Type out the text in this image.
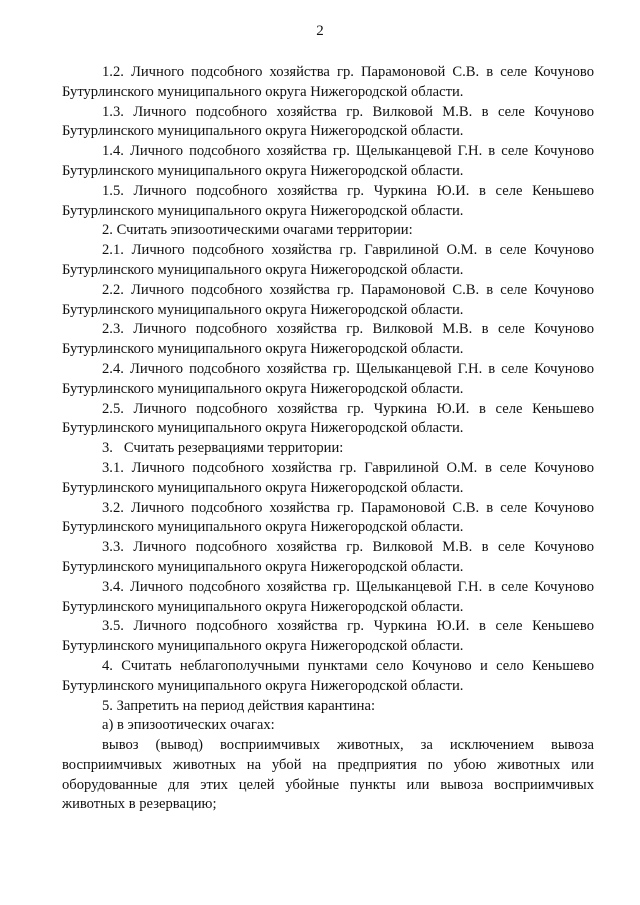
2

1.2. Личного подсобного хозяйства гр. Парамоновой С.В. в селе Кочуново Бутурлинского муниципального округа Нижегородской области.

1.3. Личного подсобного хозяйства гр. Вилковой М.В. в селе Кочуново Бутурлинского муниципального округа Нижегородской области.

1.4. Личного подсобного хозяйства гр. Щелыканцевой Г.Н. в селе Кочуново Бутурлинского муниципального округа Нижегородской области.

1.5. Личного подсобного хозяйства гр. Чуркина Ю.И. в селе Кеньшево Бутурлинского муниципального округа Нижегородской области.

2. Считать эпизоотическими очагами территории:

2.1. Личного подсобного хозяйства гр. Гаврилиной О.М. в селе Кочуново Бутурлинского муниципального округа Нижегородской области.

2.2. Личного подсобного хозяйства гр. Парамоновой С.В. в селе Кочуново Бутурлинского муниципального округа Нижегородской области.

2.3. Личного подсобного хозяйства гр. Вилковой М.В. в селе Кочуново Бутурлинского муниципального округа Нижегородской области.

2.4. Личного подсобного хозяйства гр. Щелыканцевой Г.Н. в селе Кочуново Бутурлинского муниципального округа Нижегородской области.

2.5. Личного подсобного хозяйства гр. Чуркина Ю.И. в селе Кеньшево Бутурлинского муниципального округа Нижегородской области.

3.   Считать резервациями территории:

3.1. Личного подсобного хозяйства гр. Гаврилиной О.М. в селе Кочуново Бутурлинского муниципального округа Нижегородской области.

3.2. Личного подсобного хозяйства гр. Парамоновой С.В. в селе Кочуново Бутурлинского муниципального округа Нижегородской области.

3.3. Личного подсобного хозяйства гр. Вилковой М.В. в селе Кочуново Бутурлинского муниципального округа Нижегородской области.

3.4. Личного подсобного хозяйства гр. Щелыканцевой Г.Н. в селе Кочуново Бутурлинского муниципального округа Нижегородской области.

3.5. Личного подсобного хозяйства гр. Чуркина Ю.И. в селе Кеньшево Бутурлинского муниципального округа Нижегородской области.

4. Считать неблагополучными пунктами село Кочуново и село Кеньшево Бутурлинского муниципального округа Нижегородской области.

5. Запретить на период действия карантина:

а) в эпизоотических очагах:

вывоз (вывод) восприимчивых животных, за исключением вывоза восприимчивых животных на убой на предприятия по убою животных или оборудованные для этих целей убойные пункты или вывоза восприимчивых животных в резервацию;
